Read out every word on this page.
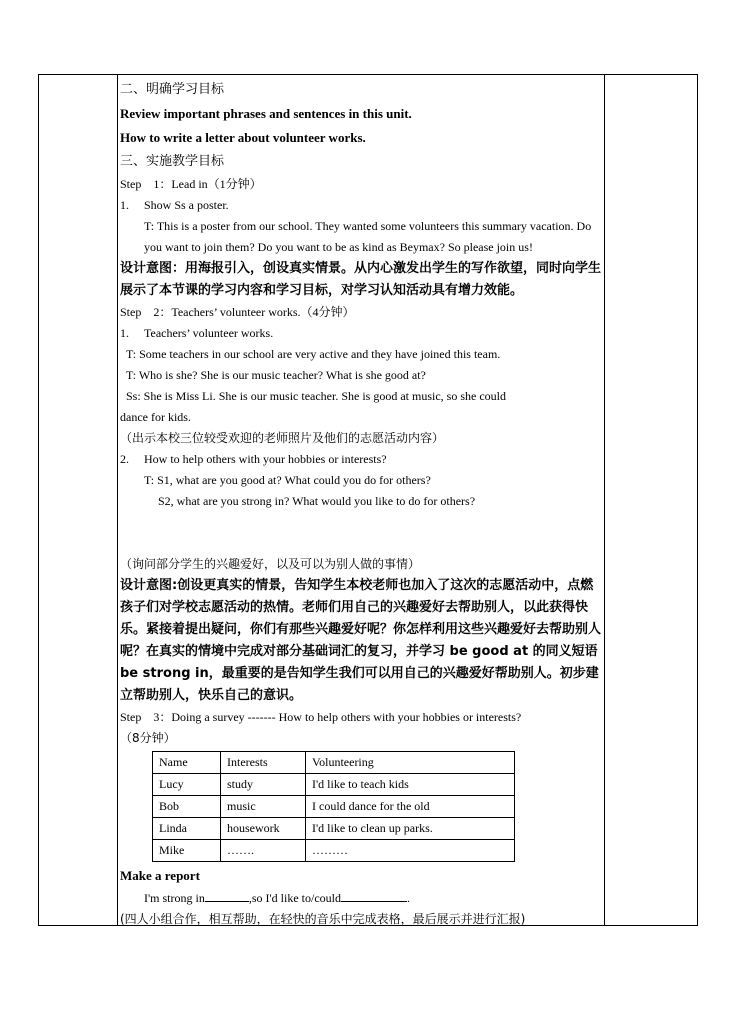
二、明确学习目标
Review important phrases and sentences in this unit.
How to write a letter about volunteer works.
三、实施教学目标
Step　1：Lead in（1分钟）
1. Show Ss a poster.
T: This is a poster from our school. They wanted some volunteers this summary vacation. Do you want to join them? Do you want to be as kind as Beymax? So please join us!
设计意图：用海报引入，创设真实情景。从内心激发出学生的写作欲望，同时向学生展示了本节课的学习内容和学习目标，对学习认知活动具有增力效能。
Step　2：Teachers’ volunteer works.（4分钟）
1. Teachers’ volunteer works.
T: Some teachers in our school are very active and they have joined this team.
T: Who is she? She is our music teacher? What is she good at?
Ss: She is Miss Li. She is our music teacher. She is good at music, so she could
dance for kids.
（出示本校三位较受欢迎的老师照片及他们的志愿活动内容）
2. How to help others with your hobbies or interests?
T: S1, what are you good at? What could you do for others?
S2, what are you strong in? What would you like to do for others?
（询问部分学生的兴趣爱好，以及可以为别人做的事情）
设计意图:创设更真实的情景，告知学生本校老师也加入了这次的志愿活动中，点燃孩子们对学校志愿活动的热情。老师们用自己的兴趣爱好去帮助别人，以此获得快乐。紧接着提出疑问，你们有那些兴趣爱好呢？你怎样利用这些兴趣爱好去帮助别人呢？在真实的情境中完成对部分基础词汇的复习，并学习 be good at 的同义短语 be strong in，最重要的是告知学生我们可以用自己的兴趣爱好帮助别人。初步建立帮助别人，快乐自己的意识。
Step　3：Doing a survey ------- How to help others with your hobbies or interests?
（8分钟）
Name	Interests	Volunteering
Lucy	study	I'd like to teach kids
Bob	music	I could dance for the old
Linda	housework	I'd like to clean up parks.
Mike	…….	………
Make a report
I'm strong in	,so I'd like to/could	.
(四人小组合作，相互帮助，在轻快的音乐中完成表格，最后展示并进行汇报)
